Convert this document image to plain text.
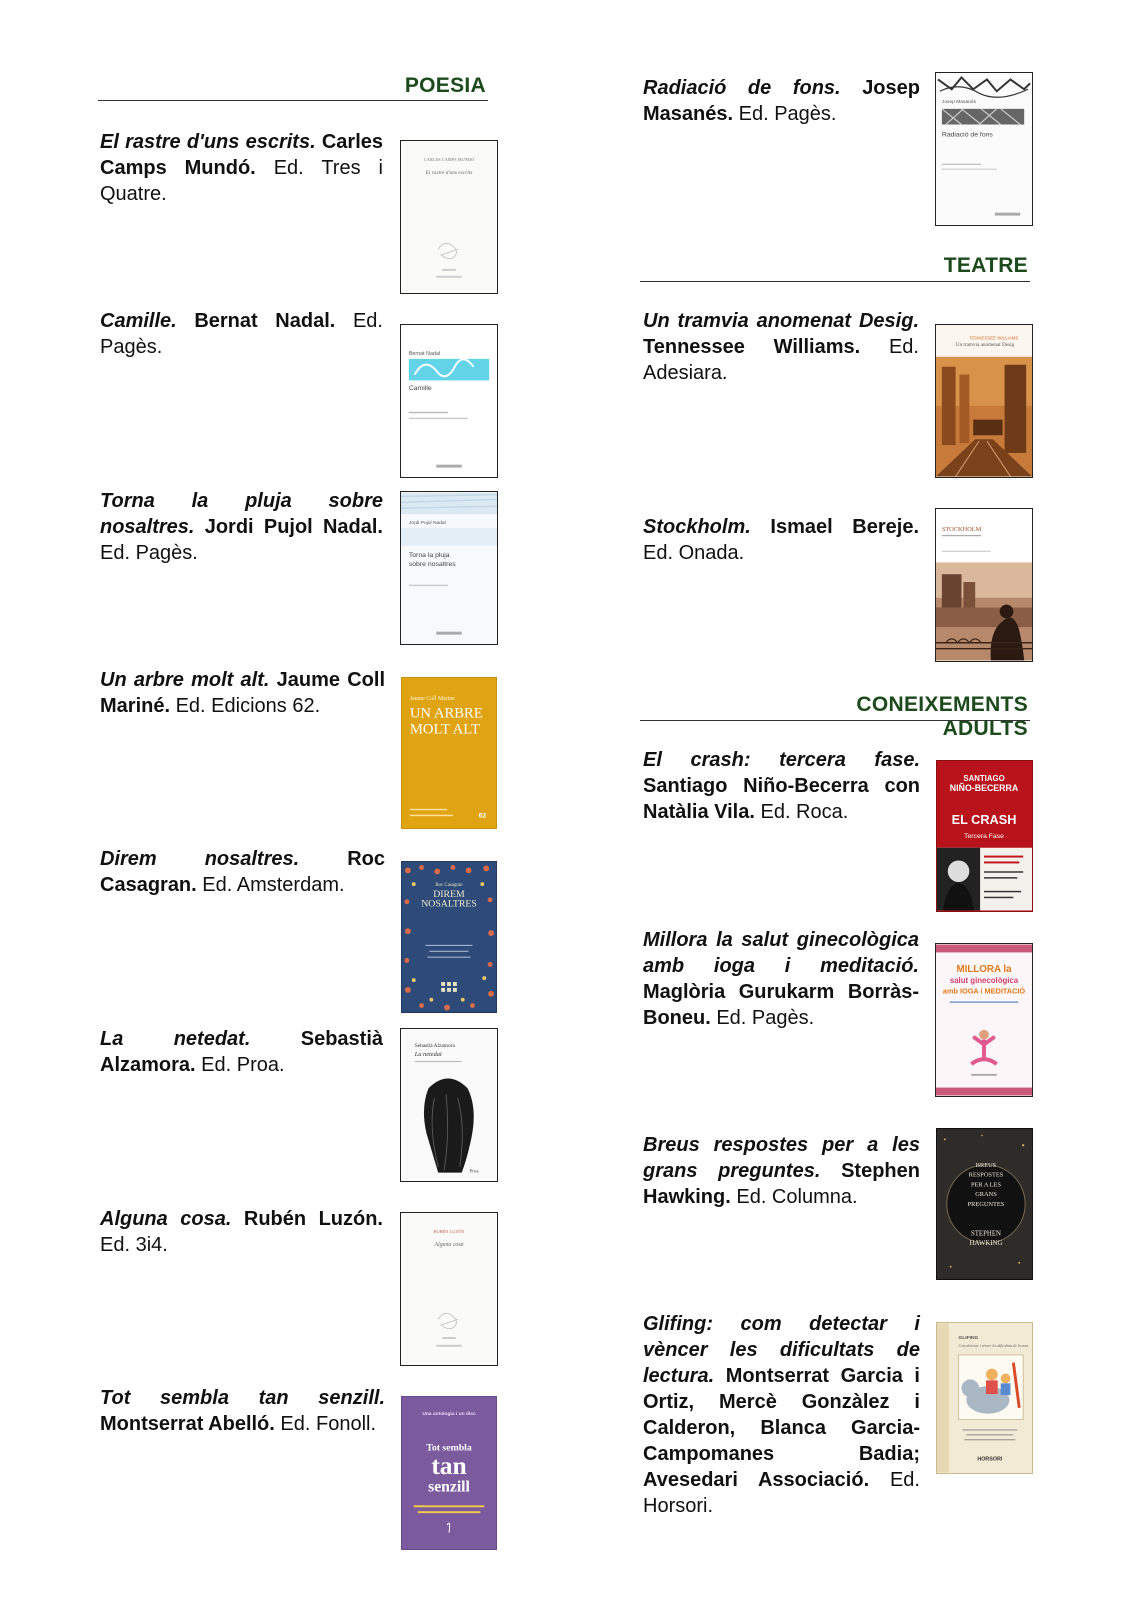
POESIA
El rastre d'uns escrits. Carles Camps Mundó. Ed. Tres i Quatre.
CARLES CAMPS MUNDÓ
El rastre d'uns escrits
Camille. Bernat Nadal. Ed. Pagès.	Bernat Nadal
Camille
Torna la pluja sobre nosaltres. Jordi Pujol Nadal. Ed. Pagès.
Jordi Pujol Nadal
Torna la pluja
sobre nosaltres
Un arbre molt alt. Jaume Coll Mariné. Ed. Edicions 62.	Jaume Coll Mariné
UN ARBRE
MOLT ALT
62
Direm nosaltres. Roc Casagran. Ed. Amsterdam.	Roc Casagran
DIREM
NOSALTRES
La netedat.	Sebastià Alzamora. Ed. Proa.
Sebastià Alzamora
La netedat
Proa
Alguna cosa. Rubén Luzón. Ed. 3i4.
RUBÉN LUZÓN
Alguna cosa
Tot sembla tan senzill. Montserrat Abelló. Ed. Fonoll.	Una antologia i un disc
Tot sembla
tan
senzill
Radiació de fons. Josep Masanés. Ed. Pagès.
Josep Masanés
Radiació de fons
TEATRE
Un tramvia anomenat Desig. Tennessee Williams. Ed. Adesiara.
TENNESSEE WILLIAMS
Un tramvia anomenat Desig
Stockholm. Ismael Bereje. Ed. Onada.
STOCKHOLM
CONEIXEMENTS ADULTS
El crash: tercera fase. Santiago Niño-Becerra con Natàlia Vila. Ed. Roca.
SANTIAGO
NIÑO-BECERRA
EL CRASH
Tercera Fase
Millora la salut ginecològica amb ioga i meditació. Maglòria Gurukarm Borràs-Boneu. Ed. Pagès.
MILLORA la
salut ginecològica
amb IOGA i MEDITACIÓ
Breus respostes per a les grans preguntes. Stephen Hawking. Ed. Columna.
BREUS
RESPOSTES
PER A LES
GRANS
PREGUNTES
STEPHEN
HAWKING
Glifing: com detectar i vèncer les dificultats de lectura. Montserrat Garcia i Ortiz, Mercè Gonzàlez i Calderon, Blanca Garcia-Campomanes Badia; Avesedari Associació. Ed. Horsori.
GLIFING
Com detectar i vèncer les dificultats de lectura
HORSORI
